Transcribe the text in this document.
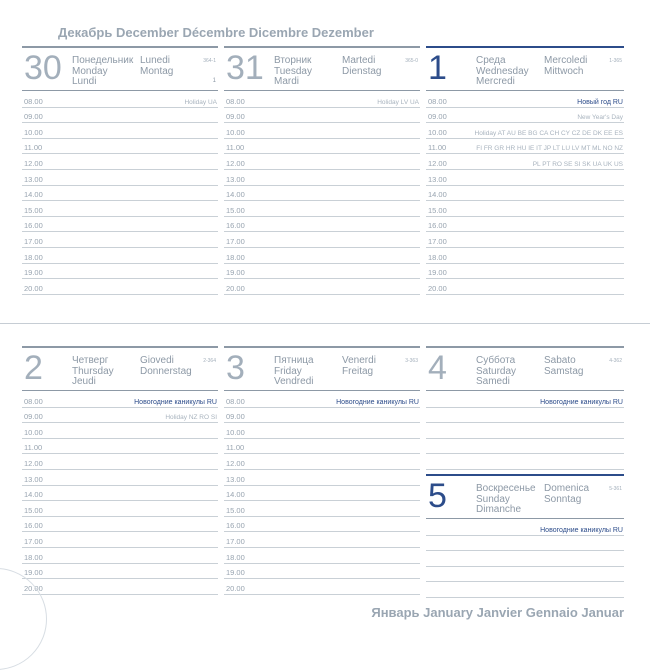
Декабрь December Décembre Dicembre Dezember
30 Понедельник
Monday
Lundi
Lunedi
Montag
364-1
1
08.00	Holiday UA
09.00
10.00
11.00
12.00
13.00
14.00
15.00
16.00
17.00
18.00
19.00
20.00
31 Вторник
Tuesday
Mardi
Martedi
Dienstag
365-0
08.00	Holiday LV UA
09.00
10.00
11.00
12.00
13.00
14.00
15.00
16.00
17.00
18.00
19.00
20.00
1	Среда
Wednesday
Mercredi
Mercoledi
Mittwoch
1-365
08.00	Новый год RU
09.00	New Year's Day
10.00	Holiday AT AU BE BG CA CH CY CZ DE DK EE ES
11.00	FI FR GR HR HU IE IT JP LT LU LV MT ML NO NZ
12.00	PL PT RO SE SI SK UA UK US
13.00
14.00
15.00
16.00
17.00
18.00
19.00
20.00
2	Четверг
Thursday
Jeudi
Giovedi
Donnerstag
2-364
08.00	Новогодние каникулы RU
09.00	Holiday NZ RO SI
10.00
11.00
12.00
13.00
14.00
15.00
16.00
17.00
18.00
19.00
20.00
3	Пятница
Friday
Vendredi
Venerdi
Freitag
3-363
08.00	Новогодние каникулы RU
09.00
10.00
11.00
12.00
13.00
14.00
15.00
16.00
17.00
18.00
19.00
20.00
4	Суббота
Saturday
Samedi
Sabato
Samstag
4-362
Новогодние каникулы RU
5	Воскресенье
Sunday
Dimanche
Domenica
Sonntag
5-361
Новогодние каникулы RU
Январь January Janvier Gennaio Januar
